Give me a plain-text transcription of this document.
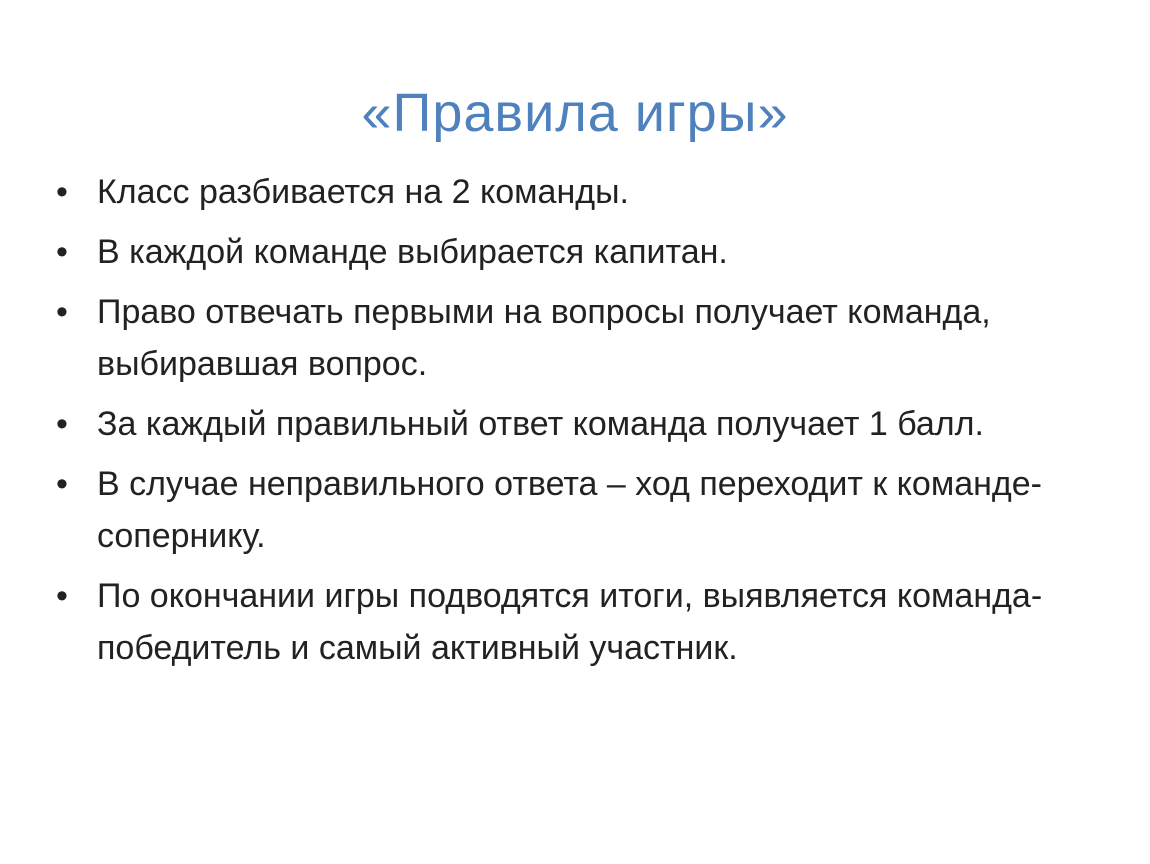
«Правила игры»
• Класс разбивается на 2 команды.
• В каждой команде выбирается капитан.
• Право отвечать первыми на вопросы получает команда, выбиравшая вопрос.
• За каждый правильный ответ команда получает 1 балл.
• В случае неправильного ответа – ход переходит к команде-сопернику.
• По окончании игры подводятся итоги, выявляется команда-победитель и самый активный участник.
